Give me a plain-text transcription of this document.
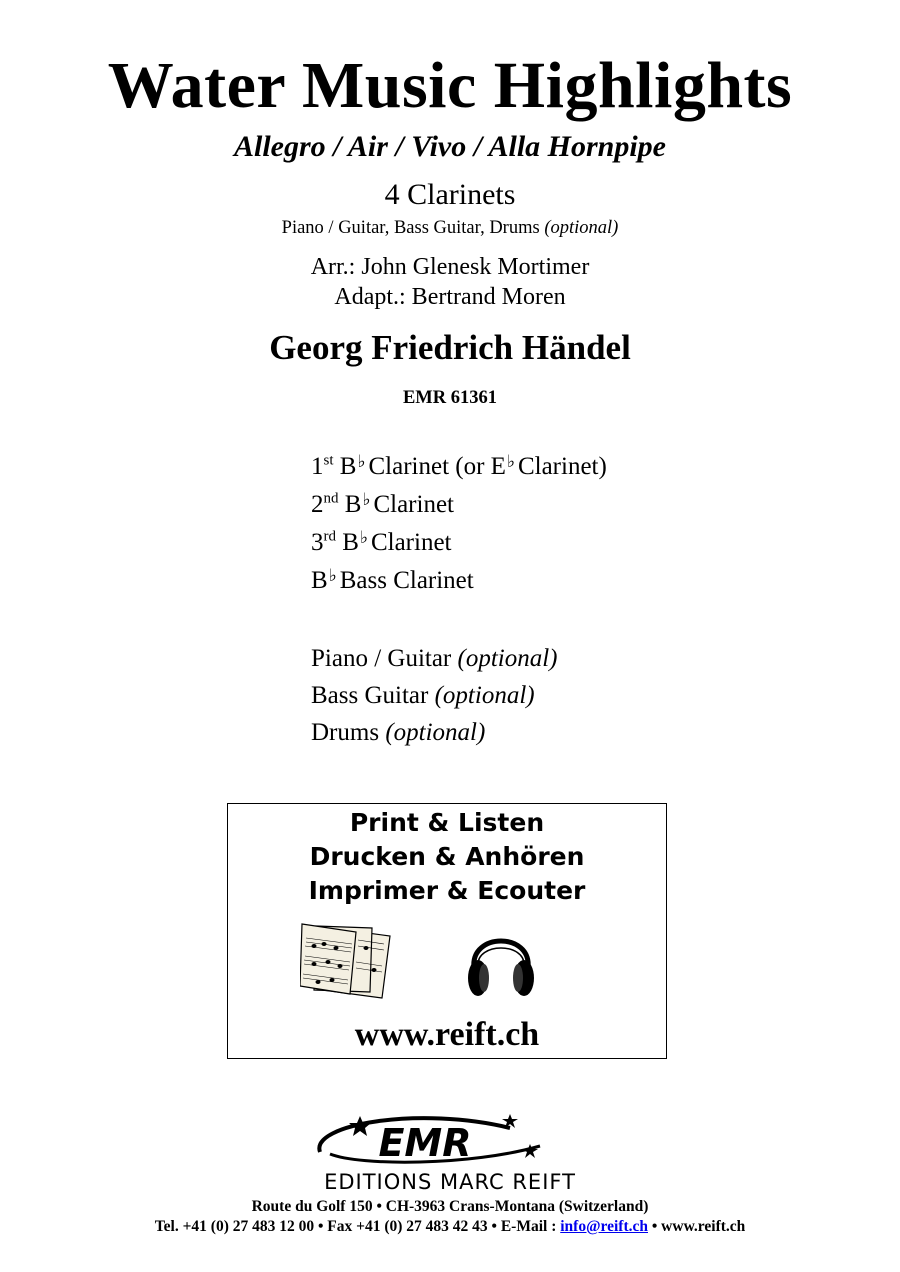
Water Music Highlights
Allegro / Air / Vivo / Alla Hornpipe
4 Clarinets
Piano / Guitar, Bass Guitar, Drums (optional)
Arr.: John Glenesk Mortimer
Adapt.: Bertrand Moren
Georg Friedrich Händel
EMR 61361
1st B♭ Clarinet (or E♭ Clarinet)
2nd B♭ Clarinet
3rd B♭ Clarinet
B♭ Bass Clarinet
Piano / Guitar (optional)
Bass Guitar (optional)
Drums (optional)
Print & Listen
Drucken & Anhören
Imprimer & Ecouter
www.reift.ch
EMR
EDITIONS MARC REIFT
Route du Golf 150 • CH-3963 Crans-Montana (Switzerland)
Tel. +41 (0) 27 483 12 00 • Fax +41 (0) 27 483 42 43 • E-Mail : info@reift.ch • www.reift.ch
